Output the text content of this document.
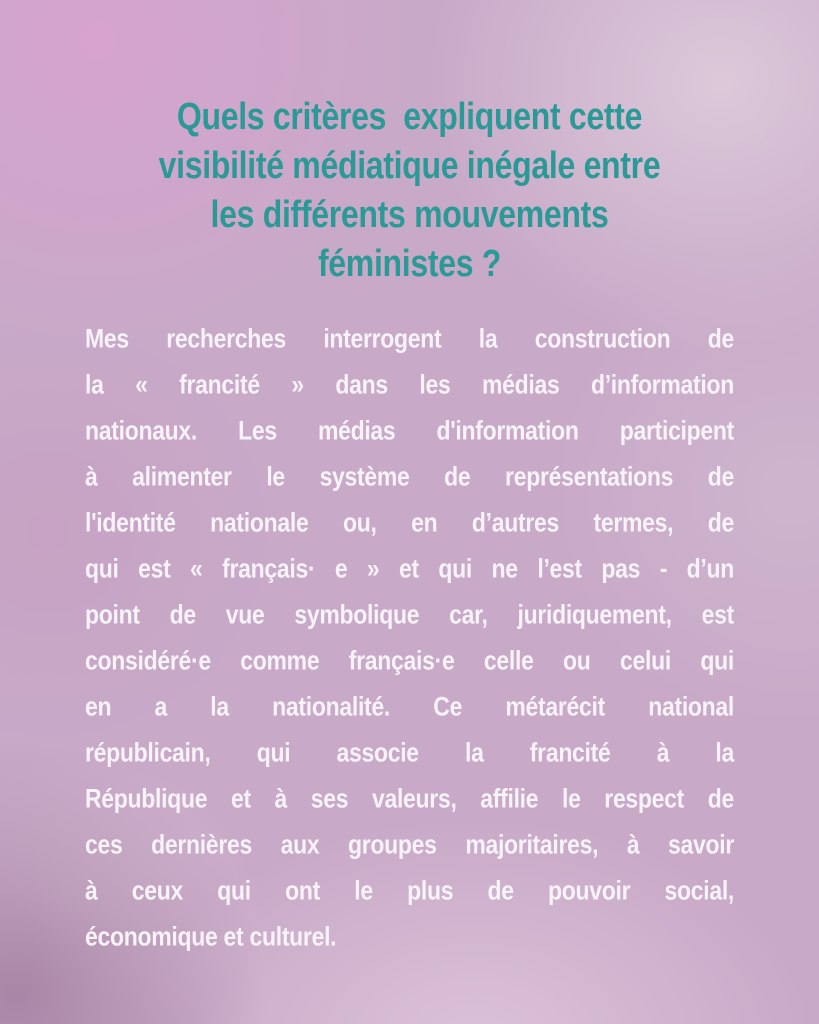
Quels critères  expliquent cette
visibilité médiatique inégale entre
les différents mouvements
féministes ?
Mes recherches interrogent la construction de
la « francité » dans les médias d’information
nationaux. Les médias d'information participent
à alimenter le système de représentations de
l'identité nationale ou, en d’autres termes, de
qui est « français· e » et qui ne l’est pas - d’un
point de vue symbolique car, juridiquement, est
considéré·e comme français·e celle ou celui qui
en a la nationalité. Ce métarécit national
républicain, qui associe la francité à la
République et à ses valeurs, affilie le respect de
ces dernières aux groupes majoritaires, à savoir
à ceux qui ont le plus de pouvoir social,
économique et culturel.
